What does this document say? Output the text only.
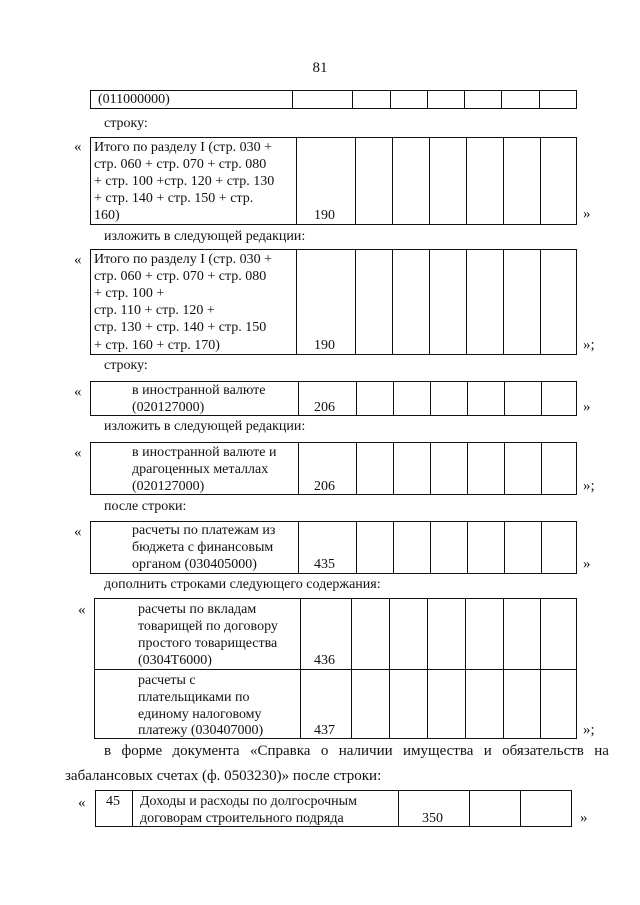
81
(011000000)
строку:
« Итого по разделу I (стр. 030 +
стр. 060 + стр. 070 + стр. 080
+ стр. 100 +стр. 120 + стр. 130
+ стр. 140 + стр. 150 + стр.
160)	190	»
изложить в следующей редакции:
« Итого по разделу I (стр. 030 +
стр. 060 + стр. 070 + стр. 080
+ стр. 100 +
стр. 110 + стр. 120 +
стр. 130 + стр. 140 + стр. 150
+ стр. 160 + стр. 170)	190	»;
строку:
«	в иностранной валюте
(020127000)	206	»
изложить в следующей редакции:
«	в иностранной валюте и
драгоценных металлах
(020127000)	206	»;
после строки:
«	расчеты по платежам из
бюджета с финансовым
органом (030405000)	435	»
дополнить строками следующего содержания:
«	расчеты по вкладам
товарищей по договору
простого товарищества
(0304Т6000)	436
расчеты с
плательщиками по
единому налоговому
платежу (030407000)	437	»;
в форме документа «Справка о наличии имущества и обязательств на
забалансовых счетах (ф. 0503230)» после строки:
« 45 Доходы и расходы по долгосрочным
договорам строительного подряда	350	»
